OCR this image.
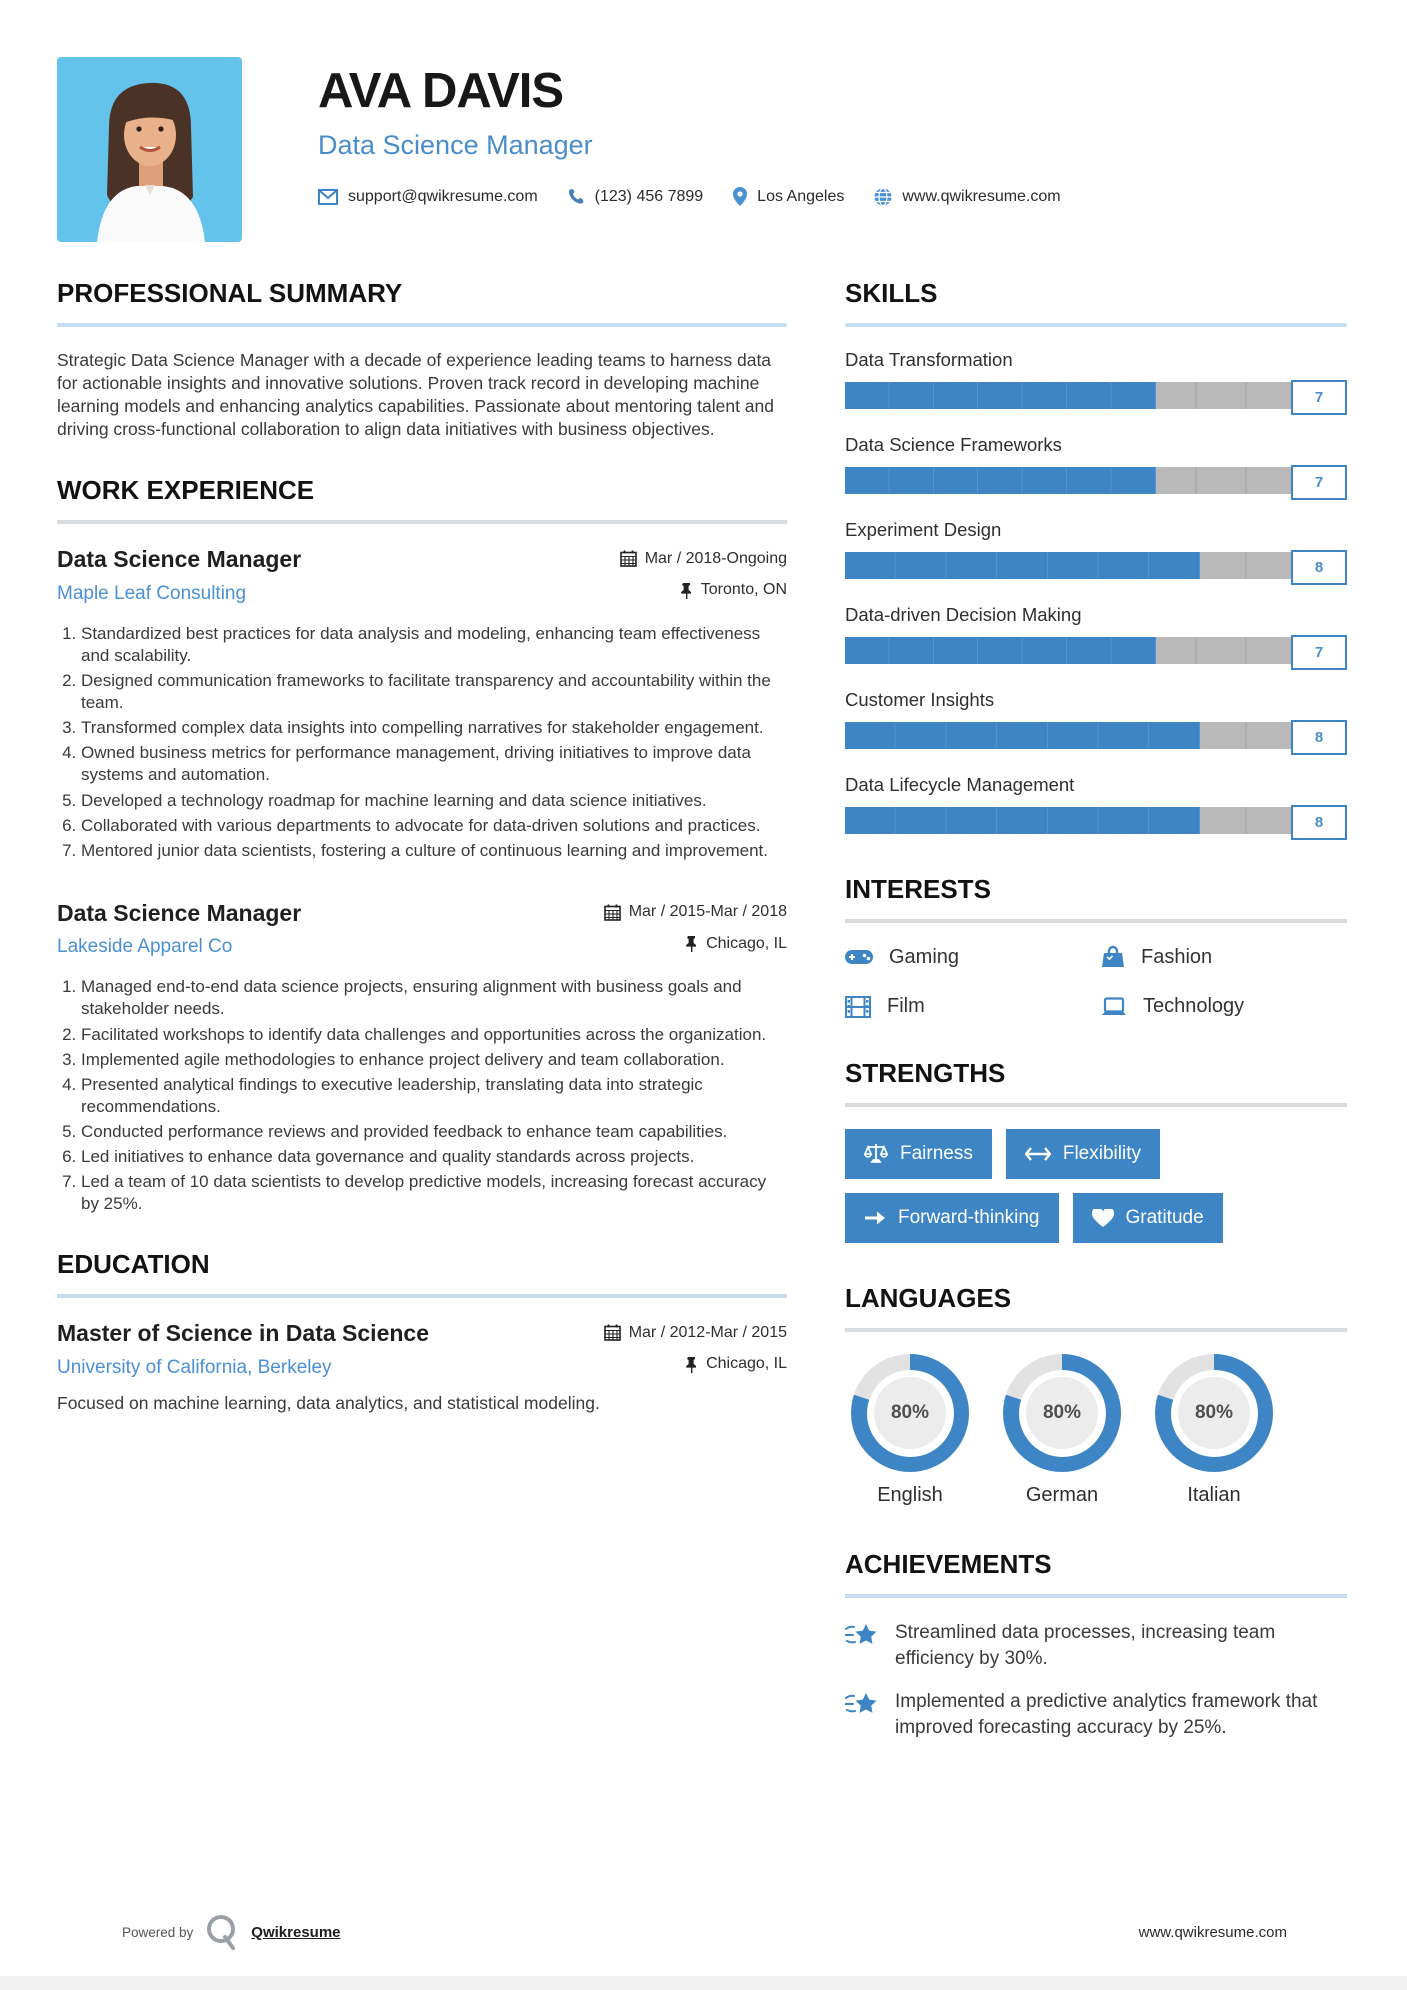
AVA DAVIS
Data Science Manager
support@qwikresume.com	(123) 456 7899	Los Angeles	www.qwikresume.com
PROFESSIONAL SUMMARY
Strategic Data Science Manager with a decade of experience leading teams to harness data for actionable insights and innovative solutions. Proven track record in developing machine learning models and enhancing analytics capabilities. Passionate about mentoring talent and driving cross-functional collaboration to align data initiatives with business objectives.
WORK EXPERIENCE
Data Science Manager	Mar / 2018-Ongoing
Maple Leaf Consulting	Toronto, ON
1. Standardized best practices for data analysis and modeling, enhancing team effectiveness and scalability.
2. Designed communication frameworks to facilitate transparency and accountability within the team.
3. Transformed complex data insights into compelling narratives for stakeholder engagement.
4. Owned business metrics for performance management, driving initiatives to improve data systems and automation.
5. Developed a technology roadmap for machine learning and data science initiatives.
6. Collaborated with various departments to advocate for data-driven solutions and practices.
7. Mentored junior data scientists, fostering a culture of continuous learning and improvement.
Data Science Manager	Mar / 2015-Mar / 2018
Lakeside Apparel Co	Chicago, IL
1. Managed end-to-end data science projects, ensuring alignment with business goals and stakeholder needs.
2. Facilitated workshops to identify data challenges and opportunities across the organization.
3. Implemented agile methodologies to enhance project delivery and team collaboration.
4. Presented analytical findings to executive leadership, translating data into strategic recommendations.
5. Conducted performance reviews and provided feedback to enhance team capabilities.
6. Led initiatives to enhance data governance and quality standards across projects.
7. Led a team of 10 data scientists to develop predictive models, increasing forecast accuracy by 25%.
EDUCATION
Master of Science in Data Science	Mar / 2012-Mar / 2015
University of California, Berkeley	Chicago, IL
Focused on machine learning, data analytics, and statistical modeling.
SKILLS
Data Transformation
7
Data Science Frameworks
7
Experiment Design
8
Data-driven Decision Making
7
Customer Insights
8
Data Lifecycle Management
8
INTERESTS
Gaming	Fashion
Film	Technology
STRENGTHS
Fairness	Flexibility
Forward-thinking	Gratitude
LANGUAGES
80%
English
80%
German
80%
Italian
ACHIEVEMENTS
Streamlined data processes, increasing team efficiency by 30%.
Implemented a predictive analytics framework that improved forecasting accuracy by 25%.
Powered by	Qwikresume	www.qwikresume.com
